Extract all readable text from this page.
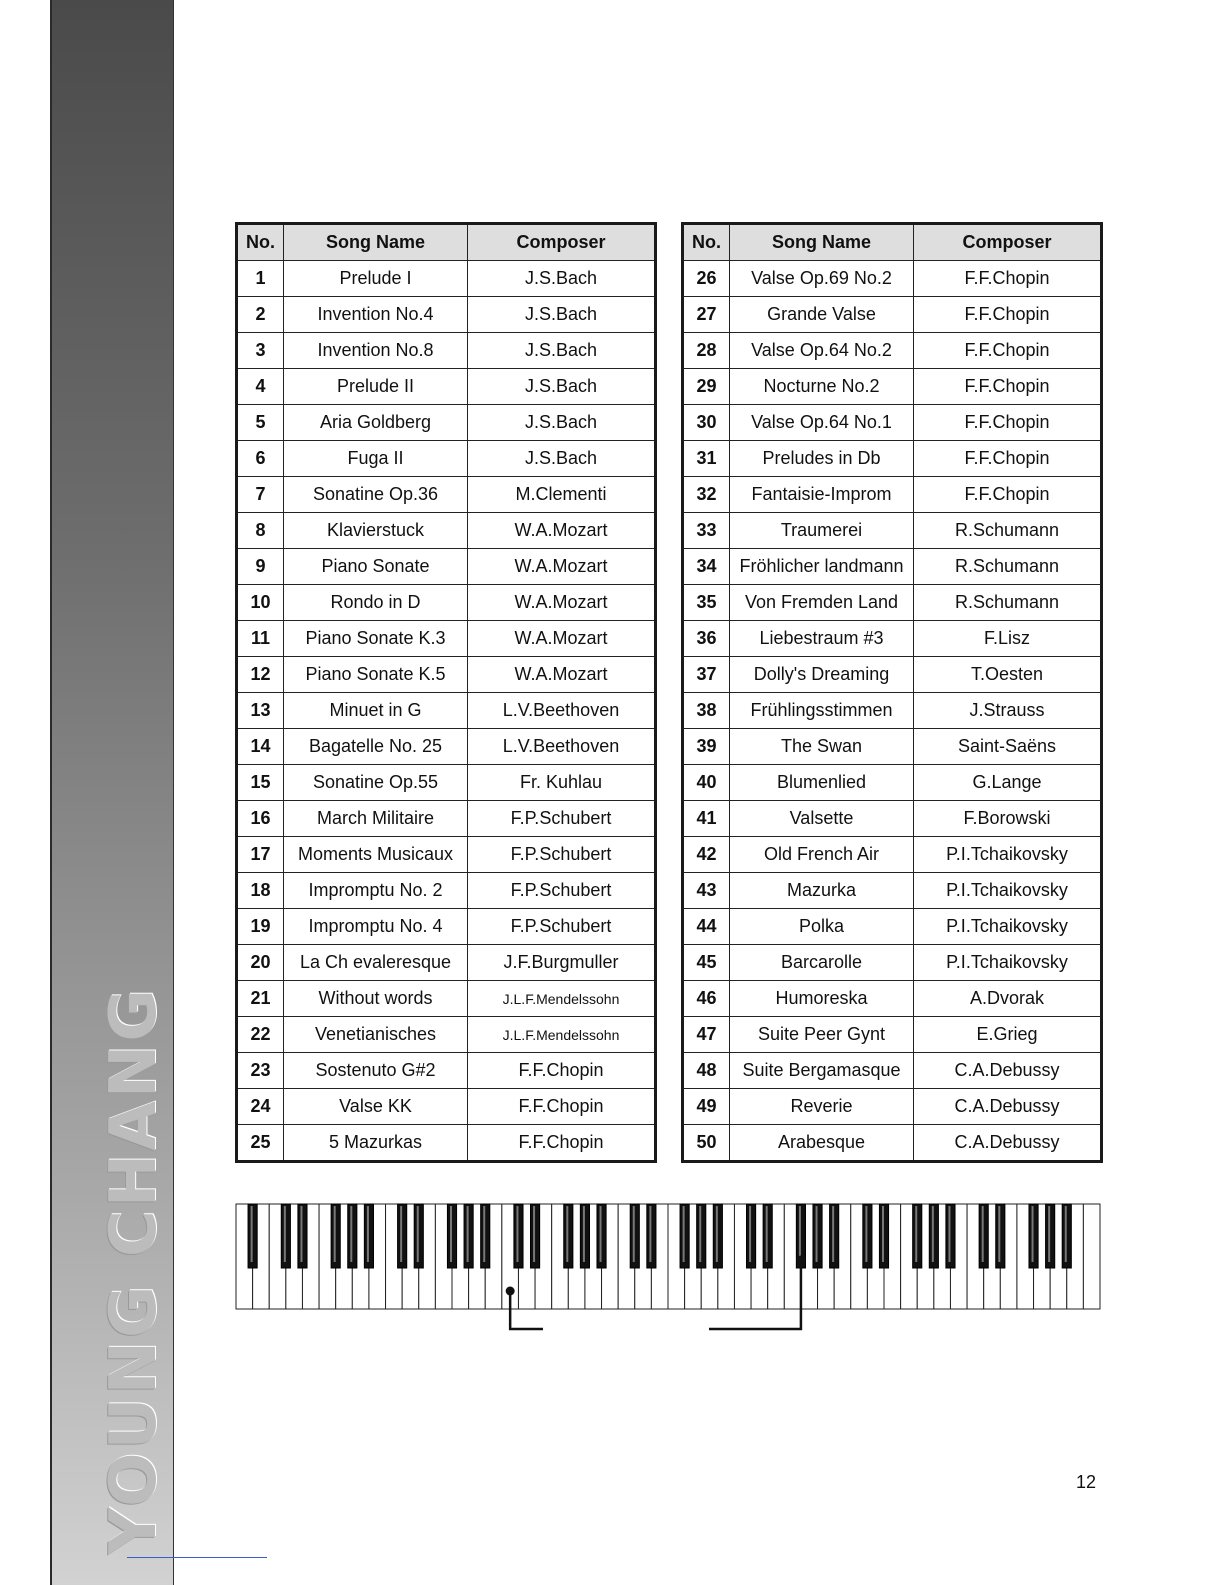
YOUNG CHANG
No.	Song Name	Composer
1	Prelude I	J.S.Bach
2	Invention No.4	J.S.Bach
3	Invention No.8	J.S.Bach
4	Prelude II	J.S.Bach
5	Aria Goldberg	J.S.Bach
6	Fuga II	J.S.Bach
7	Sonatine Op.36	M.Clementi
8	Klavierstuck	W.A.Mozart
9	Piano Sonate	W.A.Mozart
10	Rondo in D	W.A.Mozart
11	Piano Sonate K.3	W.A.Mozart
12	Piano Sonate K.5	W.A.Mozart
13	Minuet in G	L.V.Beethoven
14	Bagatelle No. 25	L.V.Beethoven
15	Sonatine Op.55	Fr. Kuhlau
16	March Militaire	F.P.Schubert
17	Moments Musicaux	F.P.Schubert
18	Impromptu No. 2	F.P.Schubert
19	Impromptu No. 4	F.P.Schubert
20	La Ch evaleresque	J.F.Burgmuller
21	Without words	J.L.F.Mendelssohn
22	Venetianisches	J.L.F.Mendelssohn
23	Sostenuto G#2	F.F.Chopin
24	Valse KK	F.F.Chopin
25	5 Mazurkas	F.F.Chopin
No.	Song Name	Composer
26	Valse Op.69 No.2	F.F.Chopin
27	Grande Valse	F.F.Chopin
28	Valse Op.64 No.2	F.F.Chopin
29	Nocturne No.2	F.F.Chopin
30	Valse Op.64 No.1	F.F.Chopin
31	Preludes in Db	F.F.Chopin
32	Fantaisie-Improm	F.F.Chopin
33	Traumerei	R.Schumann
34	Fröhlicher landmann	R.Schumann
35	Von Fremden Land	R.Schumann
36	Liebestraum #3	F.Lisz
37	Dolly's Dreaming	T.Oesten
38	Frühlingsstimmen	J.Strauss
39	The Swan	Saint-Saëns
40	Blumenlied	G.Lange
41	Valsette	F.Borowski
42	Old French Air	P.I.Tchaikovsky
43	Mazurka	P.I.Tchaikovsky
44	Polka	P.I.Tchaikovsky
45	Barcarolle	P.I.Tchaikovsky
46	Humoreska	A.Dvorak
47	Suite Peer Gynt	E.Grieg
48	Suite Bergamasque	C.A.Debussy
49	Reverie	C.A.Debussy
50	Arabesque	C.A.Debussy
12
